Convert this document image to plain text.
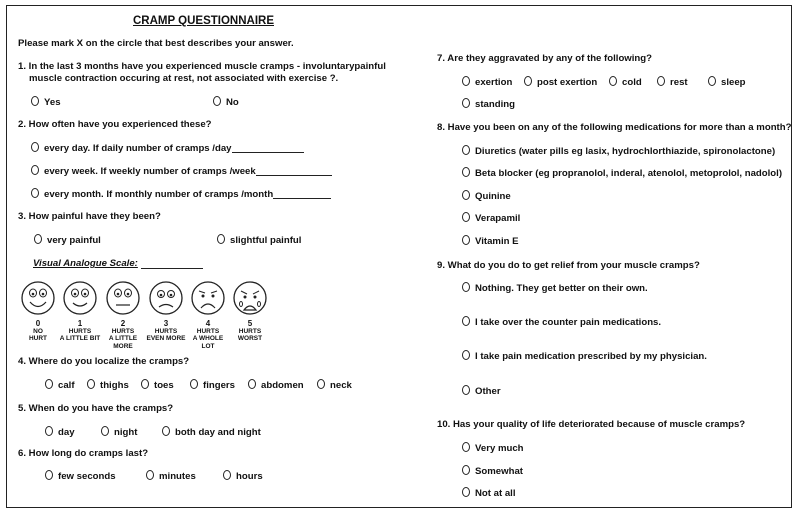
CRAMP QUESTIONNAIRE
Please mark X on the circle that best describes your answer.
1. In the last 3 months have you experienced muscle cramps - involuntarypainful
muscle contraction occuring at rest, not associated with exercise ?.
Yes	No
2. How often have you experienced these?
every day. If daily number of cramps /day
every week. If weekly number of cramps /week
every month. If monthly number of cramps /month
3. How painful have they been?
very painful	slightful painful
Visual Analogue Scale:
0
NO
HURT
1
HURTS
A LITTLE BIT
2
HURTS
A LITTLE MORE
3
HURTS
EVEN MORE
4
HURTS
A WHOLE LOT
5
HURTS
WORST
4. Where do you localize the cramps?
calf	thighs	toes	fingers	abdomen	neck
5. When do you have the cramps?
day	night	both day and night
6. How long do cramps last?
few seconds	minutes	hours
7. Are they aggravated by any of the following?
exertion	post exertion	cold	rest	sleep
standing
8. Have you been on any of the following medications for more than a month?
Diuretics (water pills eg lasix, hydrochlorthiazide, spironolactone)
Beta blocker (eg propranolol, inderal, atenolol, metoprolol, nadolol)
Quinine
Verapamil
Vitamin E
9. What do you do to get relief from your muscle cramps?
Nothing. They get better on their own.
I take over the counter pain medications.
I take pain medication prescribed by my physician.
Other
10. Has your quality of life deteriorated because of muscle cramps?
Very much
Somewhat
Not at all
